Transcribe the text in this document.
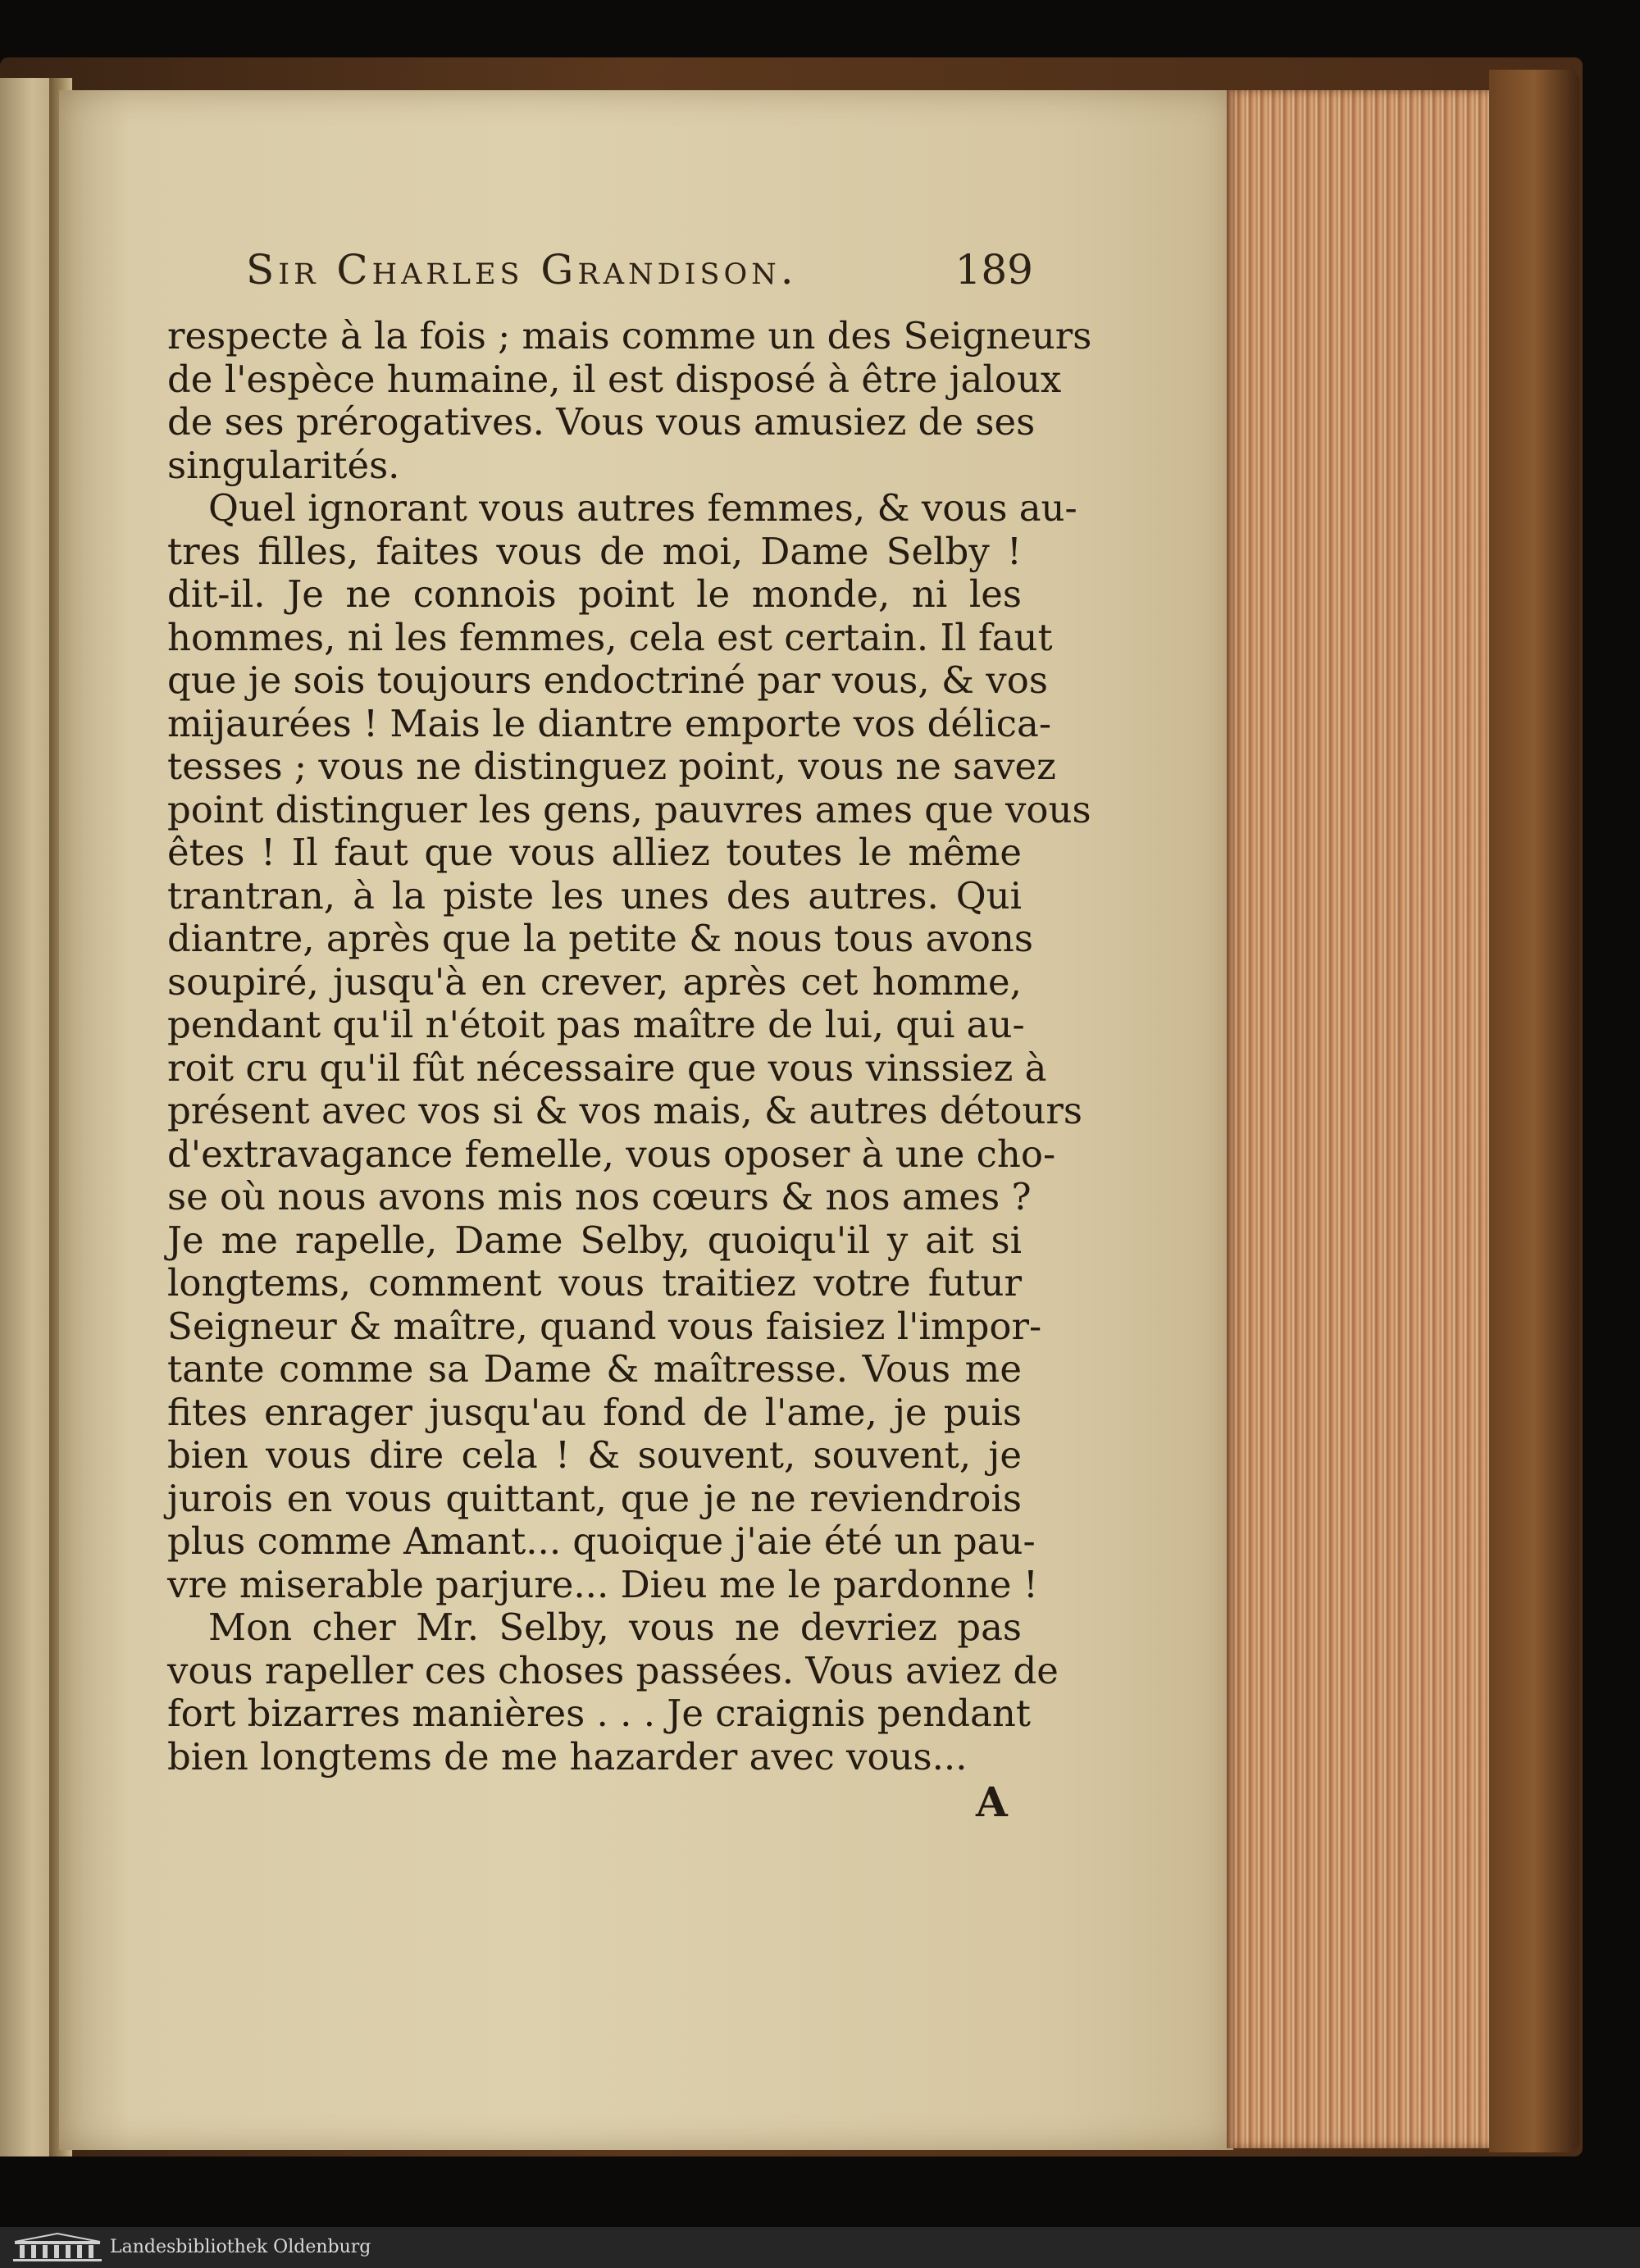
Sir Charles Grandison.	189
respecte à la fois ; mais comme un des Seigneurs
de l'espèce humaine, il est disposé à être jaloux
de ses prérogatives. Vous vous amusiez de ses
singularités.
Quel ignorant vous autres femmes, & vous au-
tres filles, faites vous de moi, Dame Selby !
dit-il. Je ne connois point le monde, ni les
hommes, ni les femmes, cela est certain. Il faut
que je sois toujours endoctriné par vous, & vos
mijaurées ! Mais le diantre emporte vos délica-
tesses ; vous ne distinguez point, vous ne savez
point distinguer les gens, pauvres ames que vous
êtes ! Il faut que vous alliez toutes le même
trantran, à la piste les unes des autres. Qui
diantre, après que la petite & nous tous avons
soupiré, jusqu'à en crever, après cet homme,
pendant qu'il n'étoit pas maître de lui, qui au-
roit cru qu'il fût nécessaire que vous vinssiez à
présent avec vos si & vos mais, & autres détours
d'extravagance femelle, vous oposer à une cho-
se où nous avons mis nos cœurs & nos ames ?
Je me rapelle, Dame Selby, quoiqu'il y ait si
longtems, comment vous traitiez votre futur
Seigneur & maître, quand vous faisiez l'impor-
tante comme sa Dame & maîtresse. Vous me
fites enrager jusqu'au fond de l'ame, je puis
bien vous dire cela ! & souvent, souvent, je
jurois en vous quittant, que je ne reviendrois
plus comme Amant... quoique j'aie été un pau-
vre miserable parjure... Dieu me le pardonne !
Mon cher Mr. Selby, vous ne devriez pas
vous rapeller ces choses passées. Vous aviez de
fort bizarres manières . . . Je craignis pendant
bien longtems de me hazarder avec vous...
A
Landesbibliothek Oldenburg
